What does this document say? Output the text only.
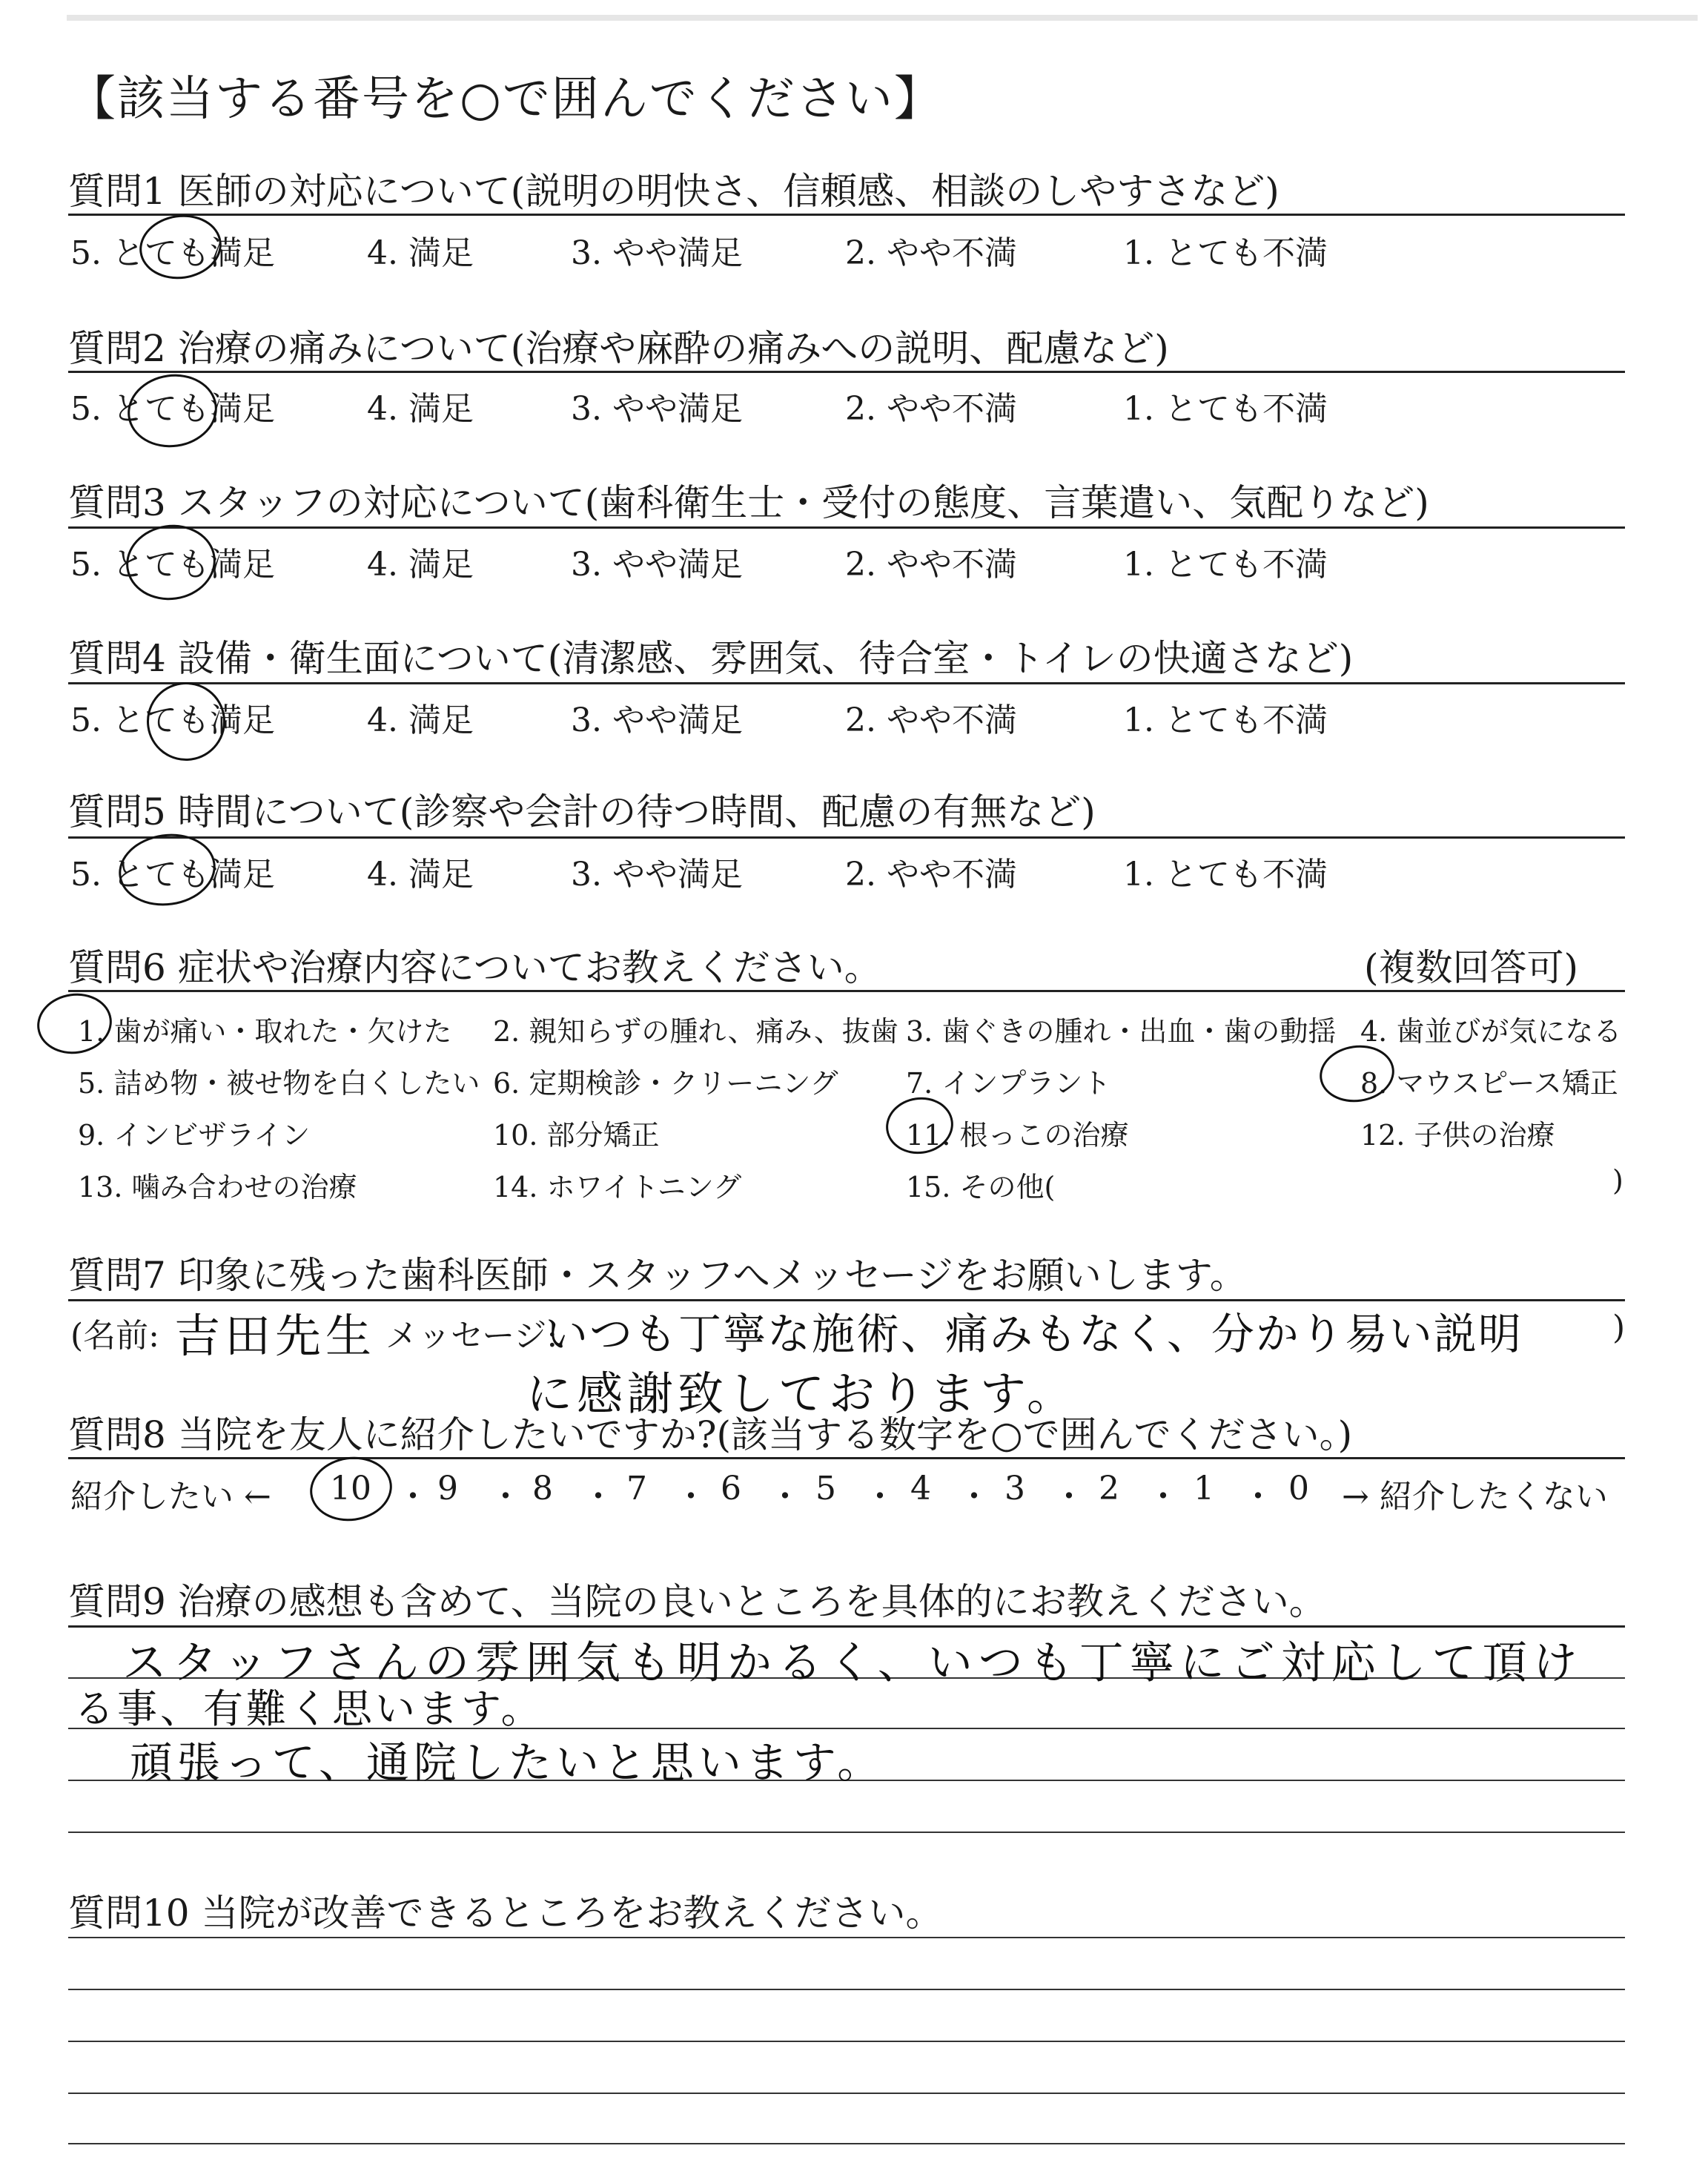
【該当する番号を○で囲んでください】
質問1 医師の対応について(説明の明快さ、信頼感、相談のしやすさなど)
5. とても満足	4. 満足	3. やや満足	2. やや不満	1. とても不満
質問2 治療の痛みについて(治療や麻酔の痛みへの説明、配慮など)
5. とても満足	4. 満足	3. やや満足	2. やや不満	1. とても不満
質問3 スタッフの対応について(歯科衛生士・受付の態度、言葉遣い、気配りなど)
5. とても満足	4. 満足	3. やや満足	2. やや不満	1. とても不満
質問4 設備・衛生面について(清潔感、雰囲気、待合室・トイレの快適さなど)
5. とても満足	4. 満足	3. やや満足	2. やや不満	1. とても不満
質問5 時間について(診察や会計の待つ時間、配慮の有無など)
5. とても満足	4. 満足	3. やや満足	2. やや不満	1. とても不満
質問6 症状や治療内容についてお教えください。	(複数回答可)
1. 歯が痛い・取れた・欠けた 2. 親知らずの腫れ、痛み、抜歯 3. 歯ぐきの腫れ・出血・歯の動揺 4. 歯並びが気になる
5. 詰め物・被せ物を白くしたい 6. 定期検診・クリーニング 7. インプラント	8. マウスピース矯正
9. インビザライン	10. 部分矯正	11. 根っこの治療	12. 子供の治療
13. 噛み合わせの治療	14. ホワイトニング	15. その他(	)
質問7 印象に残った歯科医師・スタッフへメッセージをお願いします。
(名前: 吉田先生 メッセージ:
いつも丁寧な施術、痛みもなく、分かり易い説明	)
に感謝致しております。
質問8 当院を友人に紹介したいですか?(該当する数字を○で囲んでください。)
紹介したい ← 10 ・ 9 ・ 8 ・ 7 ・ 6 ・ 5 ・ 4 ・ 3 ・ 2 ・ 1 ・ 0 → 紹介したくない
質問9 治療の感想も含めて、当院の良いところを具体的にお教えください。
スタッフさんの雰囲気も明かるく、いつも丁寧にご対応して頂け
る事、有難く思います。
頑張って、通院したいと思います。
質問10 当院が改善できるところをお教えください。
